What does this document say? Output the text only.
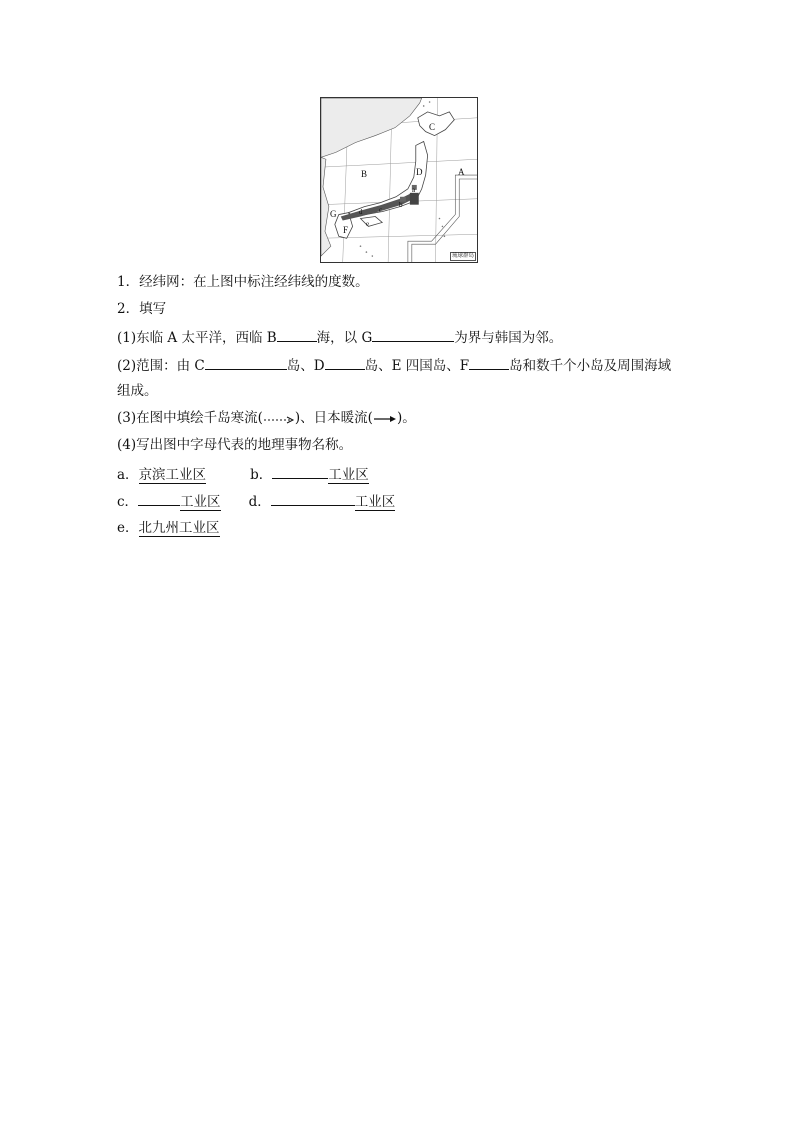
A
B
C
D
G
F
a
b
c
d
e
琉球群岛
1．经纬网：在上图中标注经纬线的度数。
2．填写
(1)东临 A 太平洋，西临 B	海，以 G	为界与韩国为邻。
(2)范围：由 C	岛、D	岛、E 四国岛、F	岛和数千个小岛及周围海域
组成。
(3)在图中填绘千岛寒流( )、日本暖流( )。
(4)写出图中字母代表的地理事物名称。
a．京滨工业区	b．	工业区
c．	工业区 d．	工业区
e．北九州工业区
